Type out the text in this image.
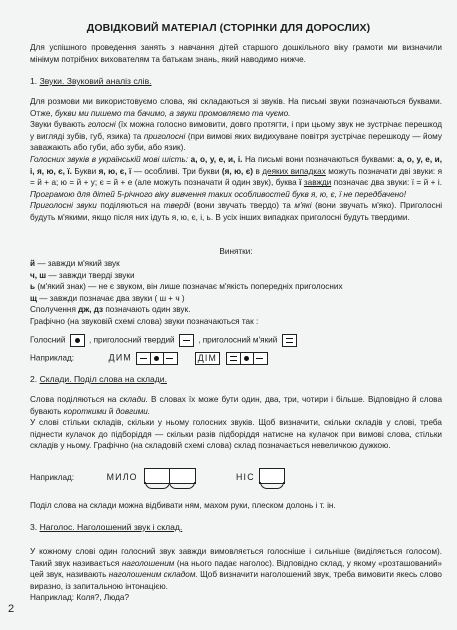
ДОВІДКОВИЙ МАТЕРІАЛ (СТОРІНКИ ДЛЯ ДОРОСЛИХ)
Для успішного проведення занять з навчання дітей старшого дошкільного віку грамоти ми визначили мінімум потрібних вихователям та батькам знань, який наводимо нижче.
1. Звуки. Звуковий аналіз слів.
Для розмови ми використовуємо слова, які складаються зі звуків. На письмі звуки позначаються буквами. Отже, букви ми пишемо та бачимо, а звуки промовляємо та чуємо.
Звуки бувають голосні (їх можна голосно вимовити, довго протягти, і при цьому звук не зустрічає перешкод у вигляді зубів, губ, язика) та приголосні (при вимові яких видихуване повітря зустрічає перешкоду — йому заважають або губи, або зуби, або язик).
Голосних звуків в українській мові шість: а, о, у, е, и, і. На письмі вони позначаються буквами: а, о, у, е, и, і, я, ю, є, ї. Букви я, ю, є, ї — особливі. Три букви (я, ю, є) в деяких випадках можуть позначати дві звуки: я = й + а; ю = й + у; є = й + е (але можуть позначати й один звук), буква ї завжди позначає два звуки: ї = й + і. Програмою для дітей 5-річного віку вивчення таких особливостей букв я, ю, є, ї не передбачено!
Приголосні звуки поділяються на тверді (вони звучать твердо) та м'які (вони звучать м'яко). Приголосні будуть м'якими, якщо після них ідуть я, ю, є, і, ь. В усіх інших випадках приголосні будуть твердими.
Винятки:
й — завжди м'який звук
ч, ш — завжди тверді звуки
ь (м'який знак) — не є звуком, він лише позначає м'якість попередніх приголосних
щ — завжди позначає два звуки ( ш + ч )
Сполучення дж, дз позначають один звук.
Графічно (на звуковій схемі слова) звуки позначаються так :
Голосний	, приголосний твердий	, приголосний м'який
Наприклад:	ДИМ	ДІМ
2. Склади. Поділ слова на склади.
Слова поділяються на склади. В словах їх може бути один, два, три, чотири і більше. Відповідно й слова бувають короткими й довгими.
У слові стільки складів, скільки у ньому голосних звуків. Щоб визначити, скільки складів у слові, треба піднести кулачок до підборіддя — скільки разів підборіддя натисне на кулачок при вимові слова, стільки складів у ньому. Графічно (на складовій схемі слова) склад позначається невеличкою дужкою.
Наприклад:	МИЛО	НІС
Поділ слова на склади можна відбивати ням, махом руки, плеском долонь і т. ін.
3. Наголос. Наголошений звук і склад.
У кожному слові один голосний звук завжди вимовляється голосніше і сильніше (виділяється голосом). Такий звук називається наголошеним (на нього падає наголос). Відповідно склад, у якому «розташований» цей звук, називають наголошеним складом. Щоб визначити наголошений звук, треба вимовити якесь слово виразно, із запитальною інтонацією.
Наприклад: Коля?, Люда?
2
